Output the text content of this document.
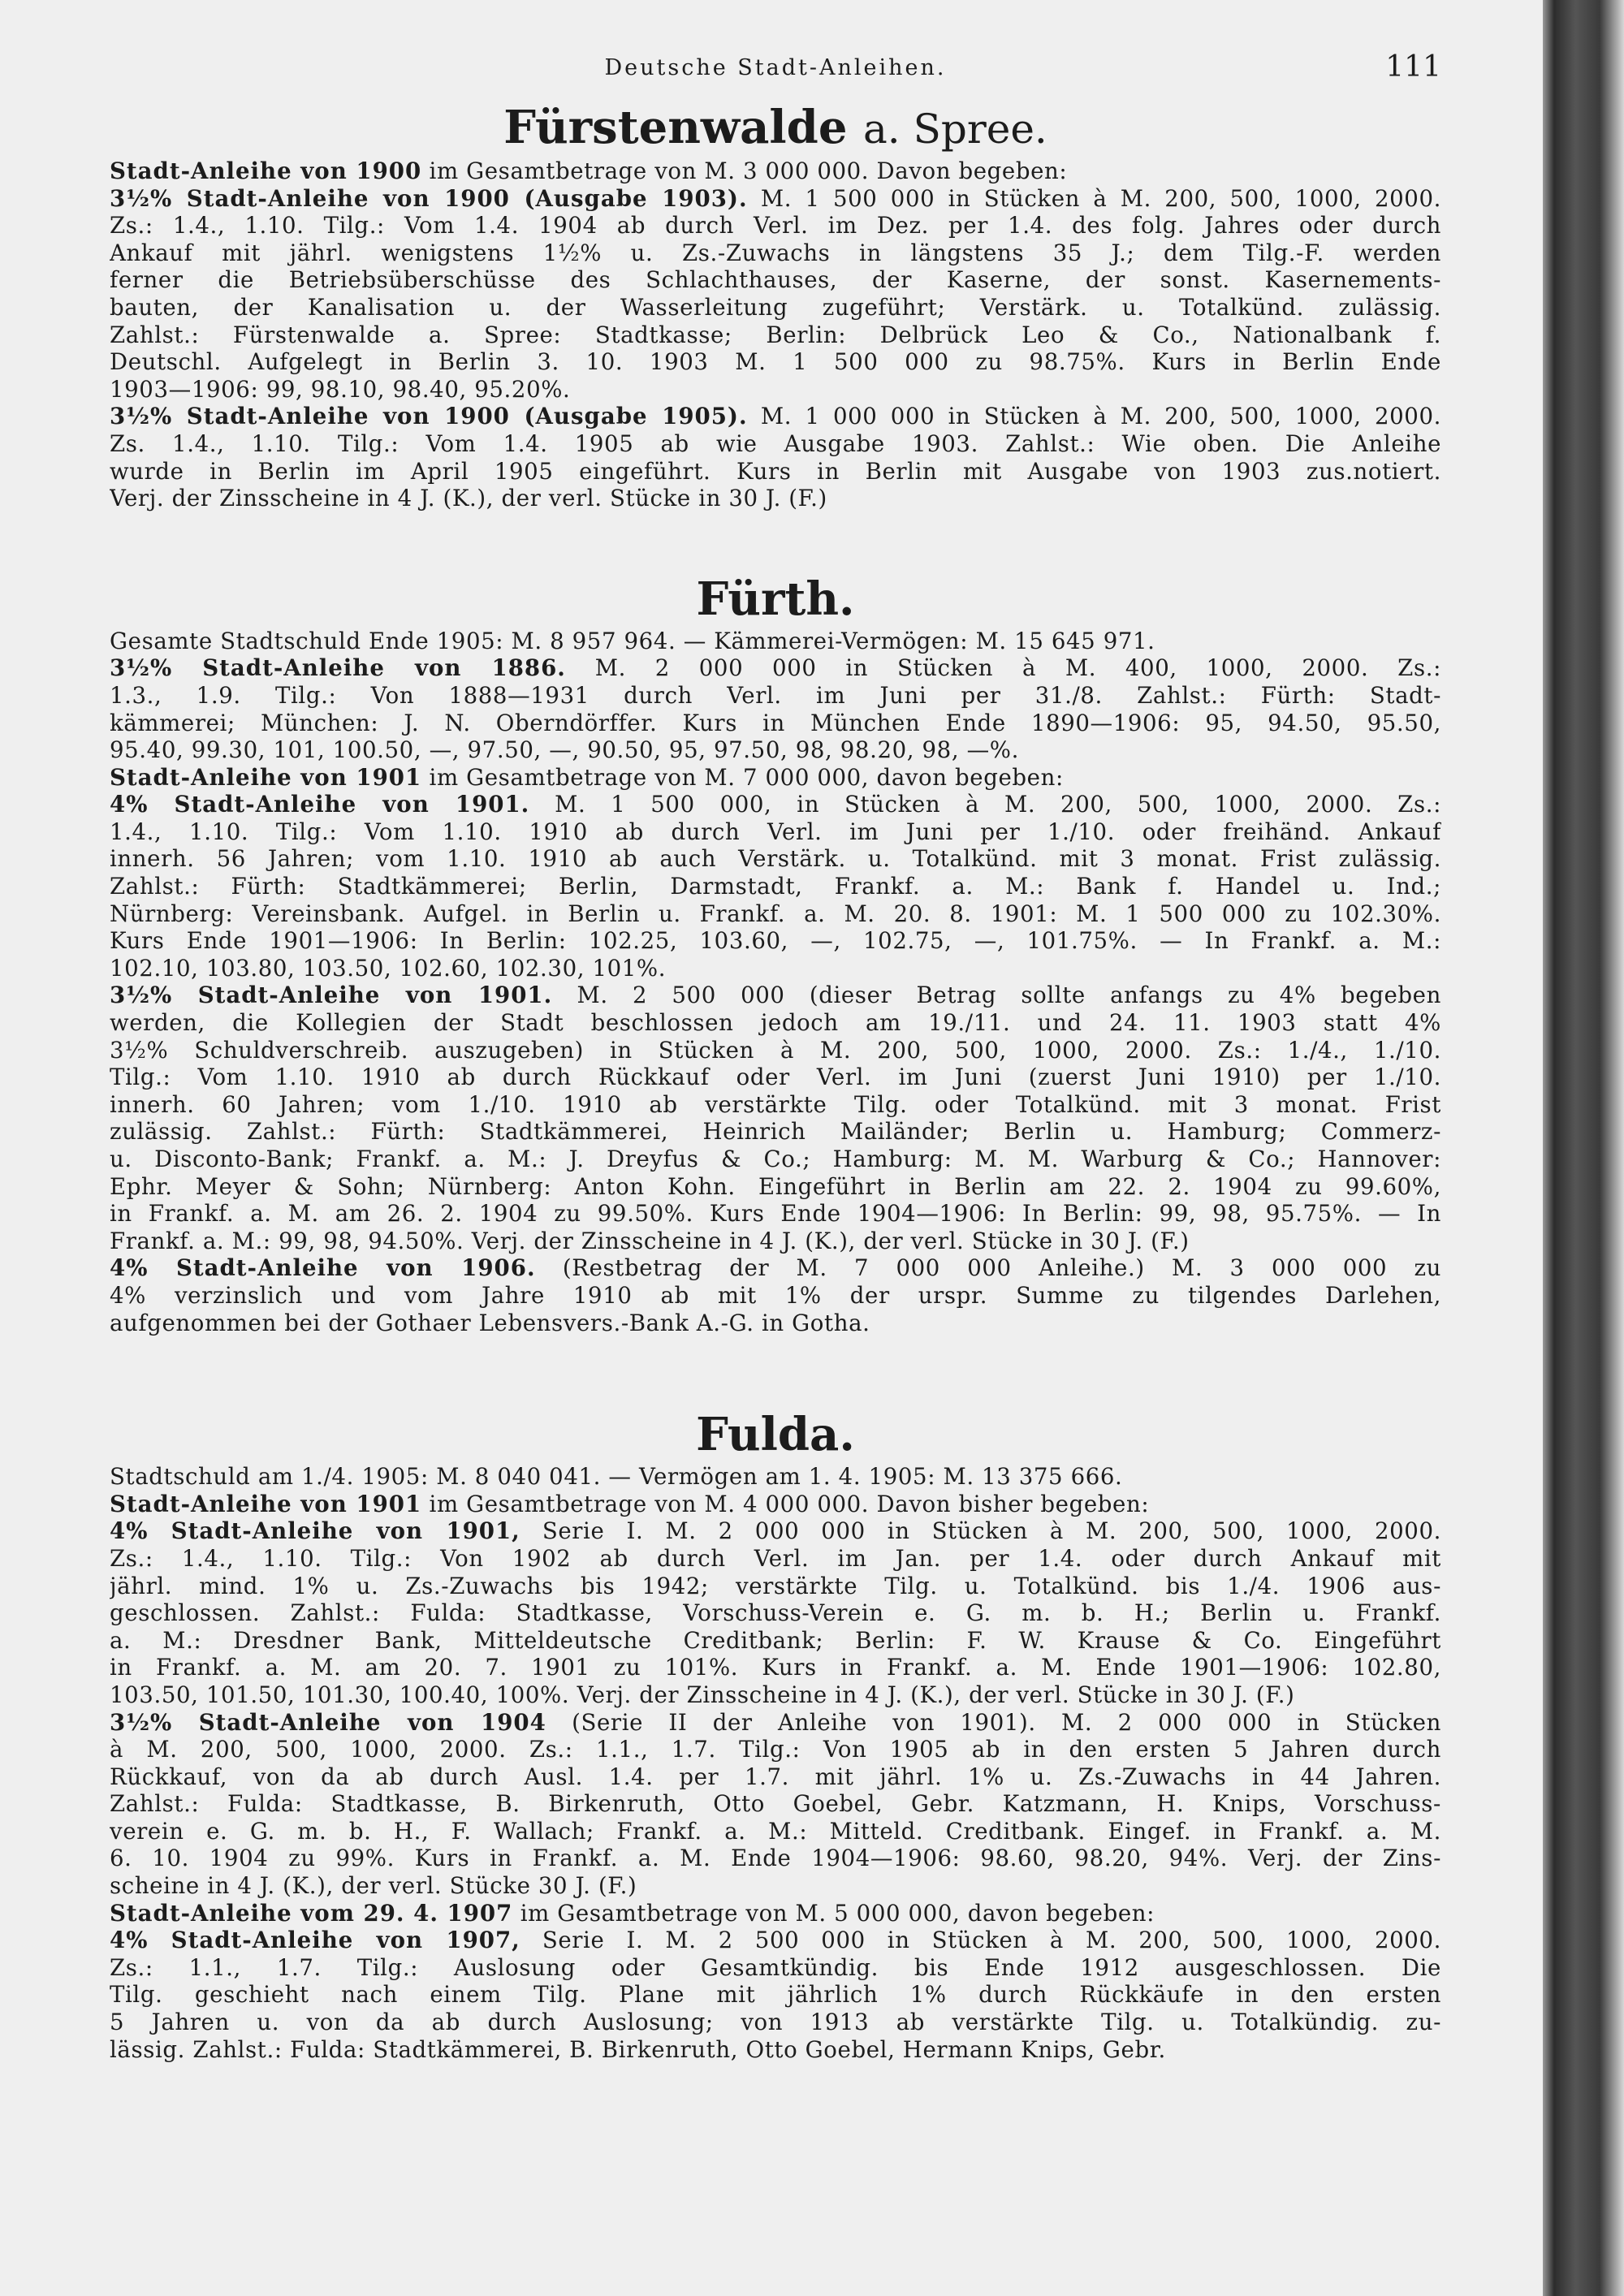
Deutsche Stadt-Anleihen.	111
Fürstenwalde a. Spree.

Stadt-Anleihe von 1900 im Gesamtbetrage von M. 3 000 000. Davon begeben:

3½% Stadt-Anleihe von 1900 (Ausgabe 1903). M. 1 500 000 in Stücken à M. 200, 500, 1000, 2000.

Zs.: 1.4., 1.10. Tilg.: Vom 1.4. 1904 ab durch Verl. im Dez. per 1.4. des folg. Jahres oder durch

Ankauf mit jährl. wenigstens 1½% u. Zs.-Zuwachs in längstens 35 J.; dem Tilg.-F. werden

ferner die Betriebsüberschüsse des Schlachthauses, der Kaserne, der sonst. Kasernements-

bauten, der Kanalisation u. der Wasserleitung zugeführt; Verstärk. u. Totalkünd. zulässig.

Zahlst.: Fürstenwalde a. Spree: Stadtkasse; Berlin: Delbrück Leo & Co., Nationalbank f.

Deutschl. Aufgelegt in Berlin 3. 10. 1903 M. 1 500 000 zu 98.75%. Kurs in Berlin Ende

1903—1906: 99, 98.10, 98.40, 95.20%.

3½% Stadt-Anleihe von 1900 (Ausgabe 1905). M. 1 000 000 in Stücken à M. 200, 500, 1000, 2000.

Zs. 1.4., 1.10. Tilg.: Vom 1.4. 1905 ab wie Ausgabe 1903. Zahlst.: Wie oben. Die Anleihe

wurde in Berlin im April 1905 eingeführt. Kurs in Berlin mit Ausgabe von 1903 zus.notiert.

Verj. der Zinsscheine in 4 J. (K.), der verl. Stücke in 30 J. (F.)

Fürth.

Gesamte Stadtschuld Ende 1905: M. 8 957 964. — Kämmerei-Vermögen: M. 15 645 971.

3½% Stadt-Anleihe von 1886. M. 2 000 000 in Stücken à M. 400, 1000, 2000. Zs.:

1.3., 1.9. Tilg.: Von 1888—1931 durch Verl. im Juni per 31./8. Zahlst.: Fürth: Stadt-

kämmerei; München: J. N. Oberndörffer. Kurs in München Ende 1890—1906: 95, 94.50, 95.50,

95.40, 99.30, 101, 100.50, —, 97.50, —, 90.50, 95, 97.50, 98, 98.20, 98, —%.

Stadt-Anleihe von 1901 im Gesamtbetrage von M. 7 000 000, davon begeben:

4% Stadt-Anleihe von 1901. M. 1 500 000, in Stücken à M. 200, 500, 1000, 2000. Zs.:

1.4., 1.10. Tilg.: Vom 1.10. 1910 ab durch Verl. im Juni per 1./10. oder freihänd. Ankauf

innerh. 56 Jahren; vom 1.10. 1910 ab auch Verstärk. u. Totalkünd. mit 3 monat. Frist zulässig.

Zahlst.: Fürth: Stadtkämmerei; Berlin, Darmstadt, Frankf. a. M.: Bank f. Handel u. Ind.;

Nürnberg: Vereinsbank. Aufgel. in Berlin u. Frankf. a. M. 20. 8. 1901: M. 1 500 000 zu 102.30%.

Kurs Ende 1901—1906: In Berlin: 102.25, 103.60, —, 102.75, —, 101.75%. — In Frankf. a. M.:

102.10, 103.80, 103.50, 102.60, 102.30, 101%.

3½% Stadt-Anleihe von 1901. M. 2 500 000 (dieser Betrag sollte anfangs zu 4% begeben

werden, die Kollegien der Stadt beschlossen jedoch am 19./11. und 24. 11. 1903 statt 4%

3½% Schuldverschreib. auszugeben) in Stücken à M. 200, 500, 1000, 2000. Zs.: 1./4., 1./10.

Tilg.: Vom 1.10. 1910 ab durch Rückkauf oder Verl. im Juni (zuerst Juni 1910) per 1./10.

innerh. 60 Jahren; vom 1./10. 1910 ab verstärkte Tilg. oder Totalkünd. mit 3 monat. Frist

zulässig. Zahlst.: Fürth: Stadtkämmerei, Heinrich Mailänder; Berlin u. Hamburg; Commerz-

u. Disconto-Bank; Frankf. a. M.: J. Dreyfus & Co.; Hamburg: M. M. Warburg & Co.; Hannover:

Ephr. Meyer & Sohn; Nürnberg: Anton Kohn. Eingeführt in Berlin am 22. 2. 1904 zu 99.60%,

in Frankf. a. M. am 26. 2. 1904 zu 99.50%. Kurs Ende 1904—1906: In Berlin: 99, 98, 95.75%. — In

Frankf. a. M.: 99, 98, 94.50%. Verj. der Zinsscheine in 4 J. (K.), der verl. Stücke in 30 J. (F.)

4% Stadt-Anleihe von 1906. (Restbetrag der M. 7 000 000 Anleihe.) M. 3 000 000 zu

4% verzinslich und vom Jahre 1910 ab mit 1% der urspr. Summe zu tilgendes Darlehen,

aufgenommen bei der Gothaer Lebensvers.-Bank A.-G. in Gotha.

Fulda.

Stadtschuld am 1./4. 1905: M. 8 040 041. — Vermögen am 1. 4. 1905: M. 13 375 666.

Stadt-Anleihe von 1901 im Gesamtbetrage von M. 4 000 000. Davon bisher begeben:

4% Stadt-Anleihe von 1901, Serie I. M. 2 000 000 in Stücken à M. 200, 500, 1000, 2000.

Zs.: 1.4., 1.10. Tilg.: Von 1902 ab durch Verl. im Jan. per 1.4. oder durch Ankauf mit

jährl. mind. 1% u. Zs.-Zuwachs bis 1942; verstärkte Tilg. u. Totalkünd. bis 1./4. 1906 aus-

geschlossen. Zahlst.: Fulda: Stadtkasse, Vorschuss-Verein e. G. m. b. H.; Berlin u. Frankf.

a. M.: Dresdner Bank, Mitteldeutsche Creditbank; Berlin: F. W. Krause & Co. Eingeführt

in Frankf. a. M. am 20. 7. 1901 zu 101%. Kurs in Frankf. a. M. Ende 1901—1906: 102.80,

103.50, 101.50, 101.30, 100.40, 100%. Verj. der Zinsscheine in 4 J. (K.), der verl. Stücke in 30 J. (F.)

3½% Stadt-Anleihe von 1904 (Serie II der Anleihe von 1901). M. 2 000 000 in Stücken

à M. 200, 500, 1000, 2000. Zs.: 1.1., 1.7. Tilg.: Von 1905 ab in den ersten 5 Jahren durch

Rückkauf, von da ab durch Ausl. 1.4. per 1.7. mit jährl. 1% u. Zs.-Zuwachs in 44 Jahren.

Zahlst.: Fulda: Stadtkasse, B. Birkenruth, Otto Goebel, Gebr. Katzmann, H. Knips, Vorschuss-

verein e. G. m. b. H., F. Wallach; Frankf. a. M.: Mitteld. Creditbank. Eingef. in Frankf. a. M.

6. 10. 1904 zu 99%. Kurs in Frankf. a. M. Ende 1904—1906: 98.60, 98.20, 94%. Verj. der Zins-

scheine in 4 J. (K.), der verl. Stücke 30 J. (F.)

Stadt-Anleihe vom 29. 4. 1907 im Gesamtbetrage von M. 5 000 000, davon begeben:

4% Stadt-Anleihe von 1907, Serie I. M. 2 500 000 in Stücken à M. 200, 500, 1000, 2000.

Zs.: 1.1., 1.7. Tilg.: Auslosung oder Gesamtkündig. bis Ende 1912 ausgeschlossen. Die

Tilg. geschieht nach einem Tilg. Plane mit jährlich 1% durch Rückkäufe in den ersten

5 Jahren u. von da ab durch Auslosung; von 1913 ab verstärkte Tilg. u. Totalkündig. zu-

lässig. Zahlst.: Fulda: Stadtkämmerei, B. Birkenruth, Otto Goebel, Hermann Knips, Gebr.
